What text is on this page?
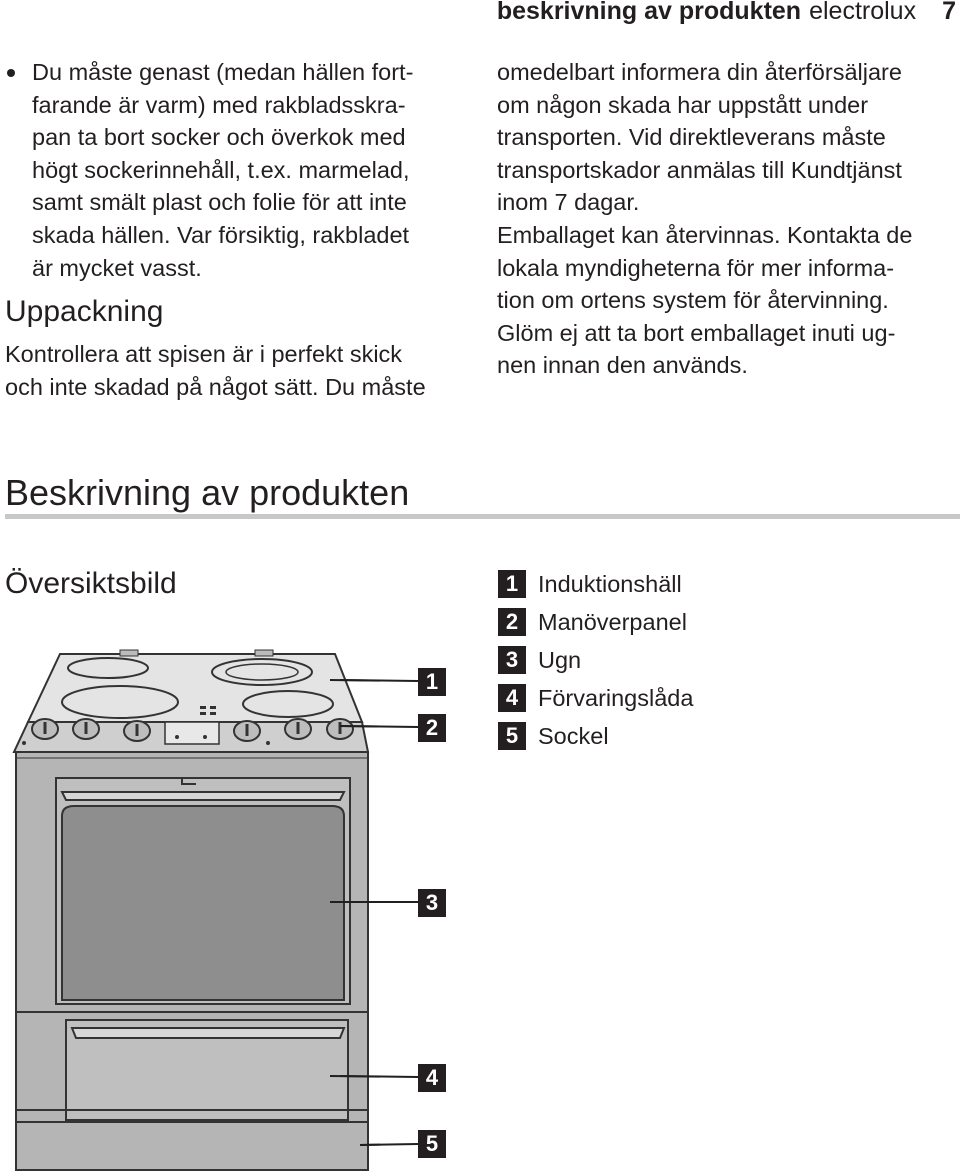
beskrivning av produkten electrolux 7
Du måste genast (medan hällen fort-
farande är varm) med rakbladsskra-
pan ta bort socker och överkok med
högt sockerinnehåll, t.ex. marmelad,
samt smält plast och folie för att inte
skada hällen. Var försiktig, rakbladet
är mycket vasst.
Uppackning
Kontrollera att spisen är i perfekt skick
och inte skadad på något sätt. Du måste
omedelbart informera din återförsäljare
om någon skada har uppstått under
transporten. Vid direktleverans måste
transportskador anmälas till Kundtjänst
inom 7 dagar.
Emballaget kan återvinnas. Kontakta de
lokala myndigheterna för mer informa-
tion om ortens system för återvinning.
Glöm ej att ta bort emballaget inuti ug-
nen innan den används.
Beskrivning av produkten
Översiktsbild	1 Induktionshäll
2 Manöverpanel
3 Ugn
4 Förvaringslåda
5 Sockel
1
2
3
4
5
